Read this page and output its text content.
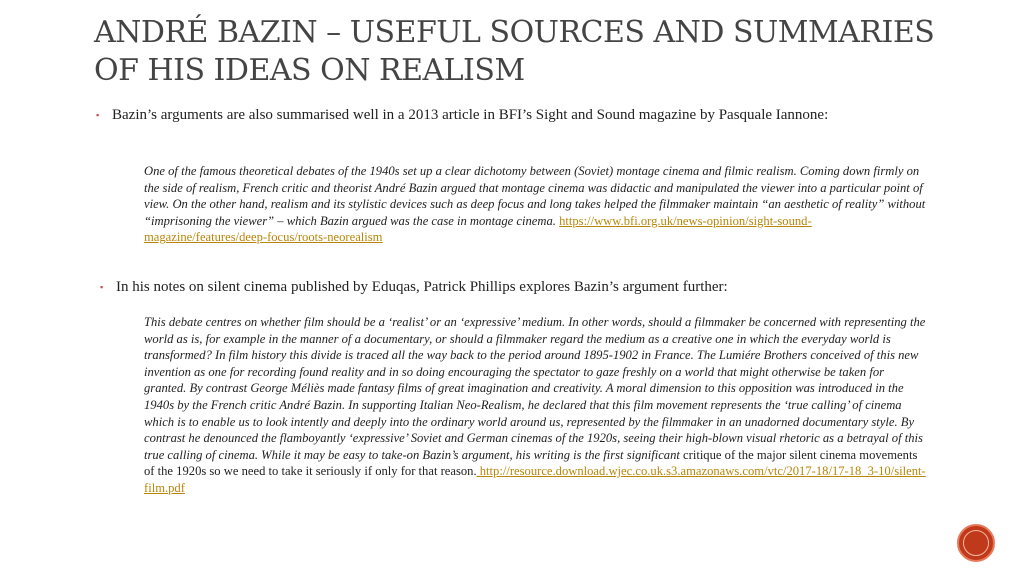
ANDRÉ BAZIN – USEFUL SOURCES AND SUMMARIES OF HIS IDEAS ON REALISM
▪ Bazin’s arguments are also summarised well in a 2013 article in BFI’s Sight and Sound magazine by Pasquale Iannone:
One of the famous theoretical debates of the 1940s set up a clear dichotomy between (Soviet) montage cinema and filmic realism. Coming down firmly on the side of realism, French critic and theorist André Bazin argued that montage cinema was didactic and manipulated the viewer into a particular point of view. On the other hand, realism and its stylistic devices such as deep focus and long takes helped the filmmaker maintain “an aesthetic of reality” without “imprisoning the viewer” – which Bazin argued was the case in montage cinema. https://www.bfi.org.uk/news-opinion/sight-sound-magazine/features/deep-focus/roots-neorealism
▪ In his notes on silent cinema published by Eduqas, Patrick Phillips explores Bazin’s argument further:
This debate centres on whether film should be a ‘realist’ or an ‘expressive’ medium. In other words, should a filmmaker be concerned with representing the world as is, for example in the manner of a documentary, or should a filmmaker regard the medium as a creative one in which the everyday world is transformed? In film history this divide is traced all the way back to the period around 1895-1902 in France. The Lumiére Brothers conceived of this new invention as one for recording found reality and in so doing encouraging the spectator to gaze freshly on a world that might otherwise be taken for granted. By contrast George Méliès made fantasy films of great imagination and creativity. A moral dimension to this opposition was introduced in the 1940s by the French critic André Bazin. In supporting Italian Neo-Realism, he declared that this film movement represents the ‘true calling’ of cinema which is to enable us to look intently and deeply into the ordinary world around us, represented by the filmmaker in an unadorned documentary style. By contrast he denounced the flamboyantly ‘expressive’ Soviet and German cinemas of the 1920s, seeing their high-blown visual rhetoric as a betrayal of this true calling of cinema. While it may be easy to take-on Bazin’s argument, his writing is the first significant critique of the major silent cinema movements of the 1920s so we need to take it seriously if only for that reason. http://resource.download.wjec.co.uk.s3.amazonaws.com/vtc/2017-18/17-18_3-10/silent-film.pdf
